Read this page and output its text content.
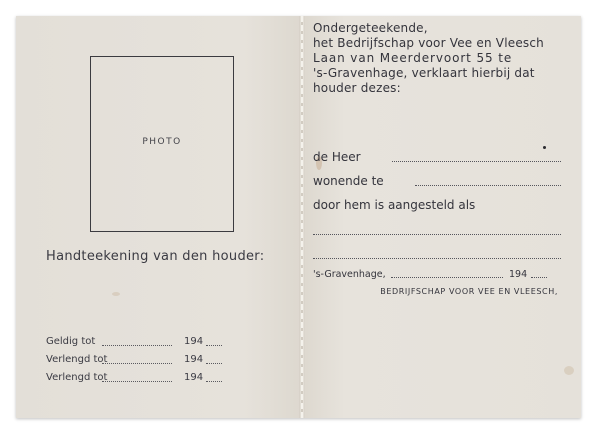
PHOTO
Handteekening van den houder:
Geldig tot	194
Verlengd tot	194
Verlengd tot	194
Ondergeteekende,
het Bedrijfschap voor Vee en Vleesch
Laan van Meerdervoort 55 te
's-Gravenhage, verklaart hierbij dat
houder dezes:
de Heer
wonende te
door hem is aangesteld als
's-Gravenhage,	194
BEDRIJFSCHAP VOOR VEE EN VLEESCH,
